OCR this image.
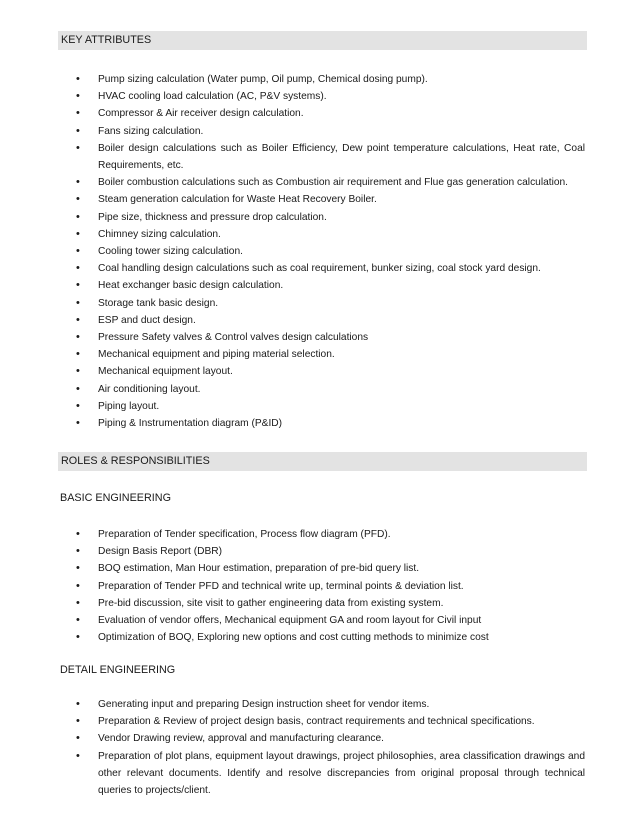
KEY ATTRIBUTES
• Pump sizing calculation (Water pump, Oil pump, Chemical dosing pump).
• HVAC cooling load calculation (AC, P&V systems).
• Compressor & Air receiver design calculation.
• Fans sizing calculation.
• Boiler design calculations such as Boiler Efficiency, Dew point temperature calculations, Heat rate, Coal Requirements, etc.
• Boiler combustion calculations such as Combustion air requirement and Flue gas generation calculation.
• Steam generation calculation for Waste Heat Recovery Boiler.
• Pipe size, thickness and pressure drop calculation.
• Chimney sizing calculation.
• Cooling tower sizing calculation.
• Coal handling design calculations such as coal requirement, bunker sizing, coal stock yard design.
• Heat exchanger basic design calculation.
• Storage tank basic design.
• ESP and duct design.
• Pressure Safety valves & Control valves design calculations
• Mechanical equipment and piping material selection.
• Mechanical equipment layout.
• Air conditioning layout.
• Piping layout.
• Piping & Instrumentation diagram (P&ID)
ROLES & RESPONSIBILITIES
BASIC ENGINEERING
• Preparation of Tender specification, Process flow diagram (PFD).
• Design Basis Report (DBR)
• BOQ estimation, Man Hour estimation, preparation of pre-bid query list.
• Preparation of Tender PFD and technical write up, terminal points & deviation list.
• Pre-bid discussion, site visit to gather engineering data from existing system.
• Evaluation of vendor offers, Mechanical equipment GA and room layout for Civil input
• Optimization of BOQ, Exploring new options and cost cutting methods to minimize cost
DETAIL ENGINEERING
• Generating input and preparing Design instruction sheet for vendor items.
• Preparation & Review of project design basis, contract requirements and technical specifications.
• Vendor Drawing review, approval and manufacturing clearance.
• Preparation of plot plans, equipment layout drawings, project philosophies, area classification drawings and other relevant documents. Identify and resolve discrepancies from original proposal through technical queries to projects/client.
